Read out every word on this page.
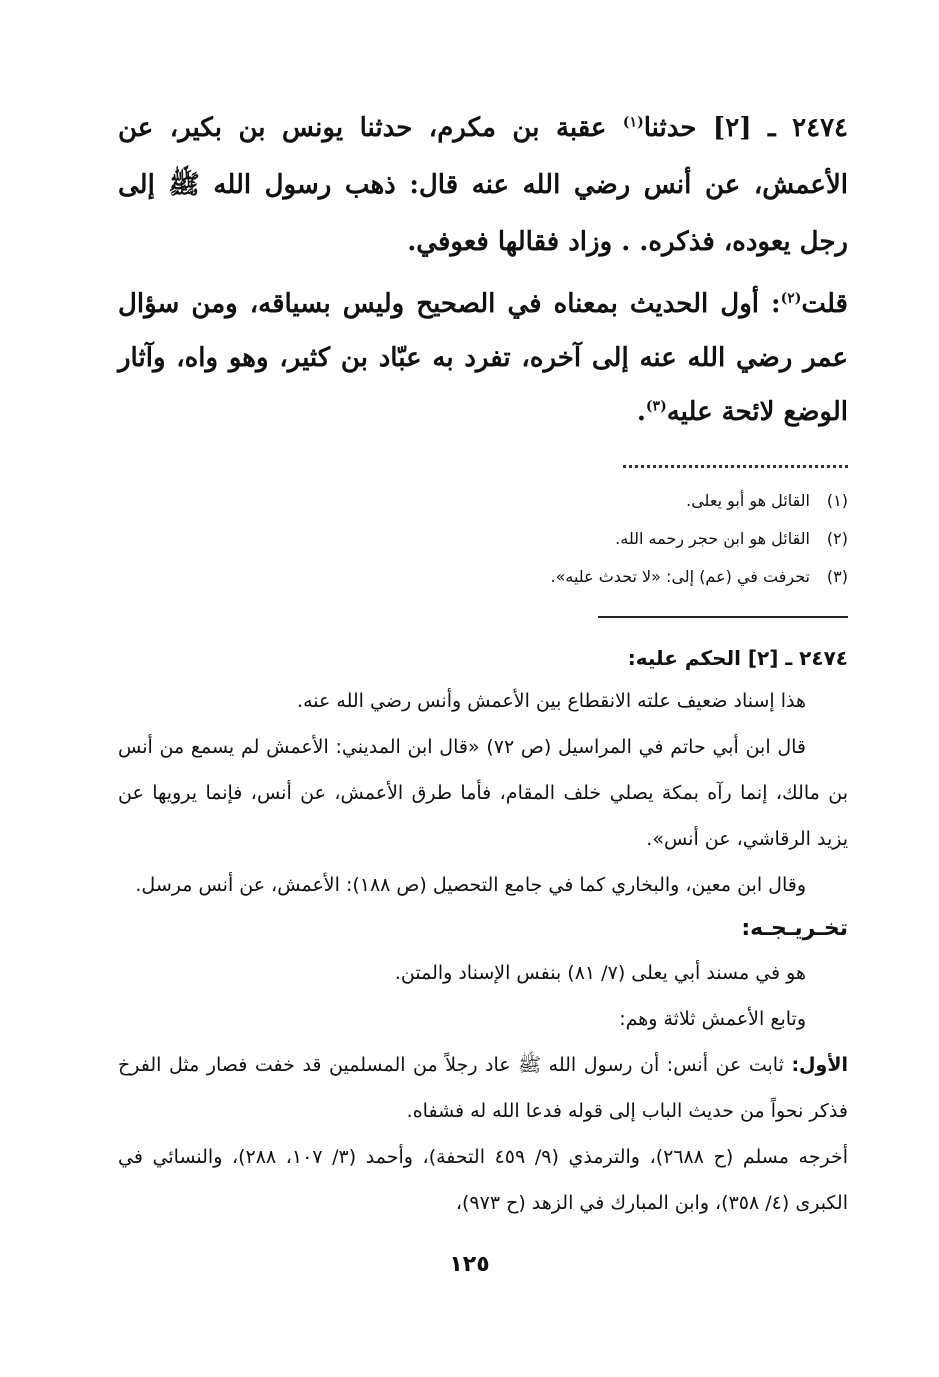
٢٤٧٤ ـ [٢] حدثنا$^{(١)}$ عقبة بن مكرم، حدثنا يونس بن بكير، عن الأعمش، عن أنس رضي الله عنه قال: ذهب رسول الله ﷺ إلى رجل يعوده، فذكره. . وزاد فقالها فعوفي.

قلت$^{(٢)}$: أول الحديث بمعناه في الصحيح وليس بسياقه، ومن سؤال عمر رضي الله عنه إلى آخره، تفرد به عبّاد بن كثير، وهو واه، وآثار الوضع لائحة عليه$^{(٣)}$.

(١)
القائل هو أبو يعلى.
(٢)
القائل هو ابن حجر رحمه الله.
(٣)
تحرفت في (عم) إلى: «لا تحدث عليه».
٢٤٧٤ ـ [٢] الحكم عليه:

هذا إسناد ضعيف علته الانقطاع بين الأعمش وأنس رضي الله عنه.

قال ابن أبي حاتم في المراسيل (ص ٧٢) «قال ابن المديني: الأعمش لم يسمع من أنس بن مالك، إنما رآه بمكة يصلي خلف المقام، فأما طرق الأعمش، عن أنس، فإنما يرويها عن يزيد الرقاشي، عن أنس».

وقال ابن معين، والبخاري كما في جامع التحصيل (ص ١٨٨): الأعمش، عن أنس مرسل.

تخـريـجـه:

هو في مسند أبي يعلى (٧/ ٨١) بنفس الإسناد والمتن.

وتابع الأعمش ثلاثة وهم:

الأول: ثابت عن أنس: أن رسول الله ﷺ عاد رجلاً من المسلمين قد خفت فصار مثل الفرخ فذكر نحواً من حديث الباب إلى قوله فدعا الله له فشفاه.

أخرجه مسلم (ح ٢٦٨٨)، والترمذي (٩/ ٤٥٩ التحفة)، وأحمد (٣/ ١٠٧، ٢٨٨)، والنسائي في الكبرى (٤/ ٣٥٨)، وابن المبارك في الزهد (ح ٩٧٣)،

١٢٥
